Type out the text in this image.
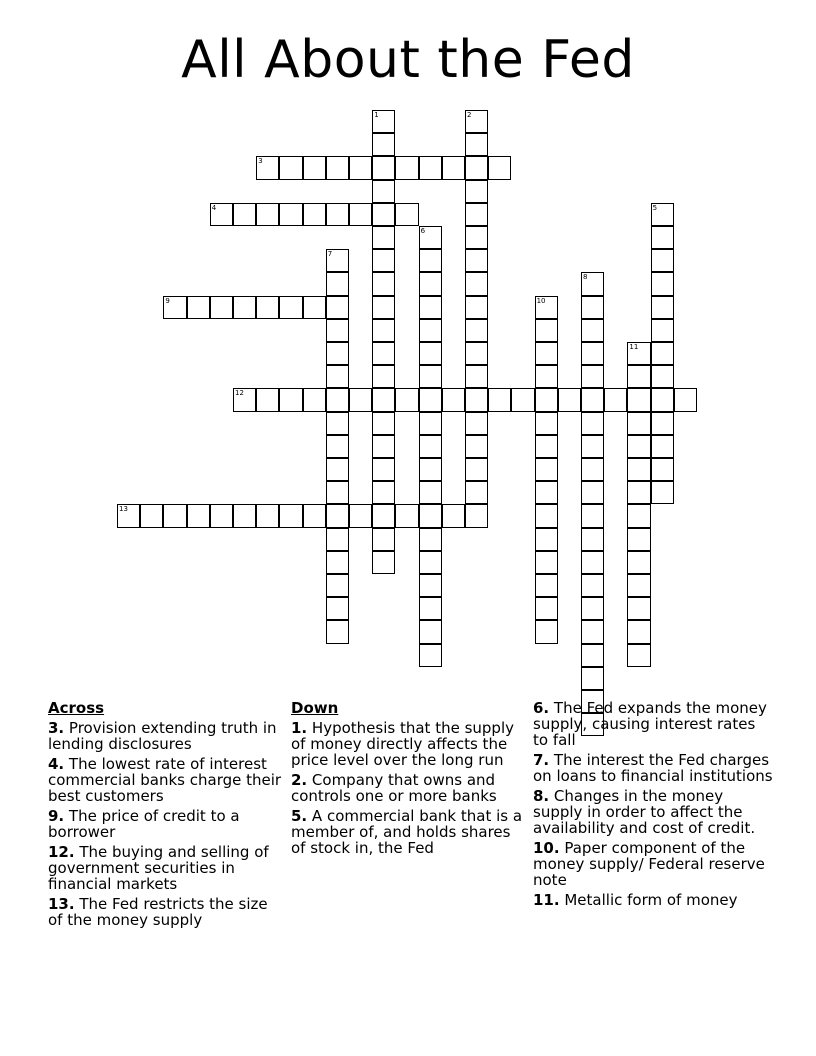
All About the Fed
3
4
9
12
13
1	2
5
6
7
8
10
11
Across
3. Provision extending truth in lending disclosures
4. The lowest rate of interest commercial banks charge their best customers
9. The price of credit to a borrower
12. The buying and selling of government securities in financial markets
13. The Fed restricts the size of the money supply
Down
1. Hypothesis that the supply of money directly affects the price level over the long run
2. Company that owns and controls one or more banks
5. A commercial bank that is a member of, and holds shares of stock in, the Fed
6. The Fed expands the money supply, causing interest rates to fall
7. The interest the Fed charges on loans to financial institutions
8. Changes in the money supply in order to affect the availability and cost of credit.
10. Paper component of the money supply/ Federal reserve note
11. Metallic form of money
